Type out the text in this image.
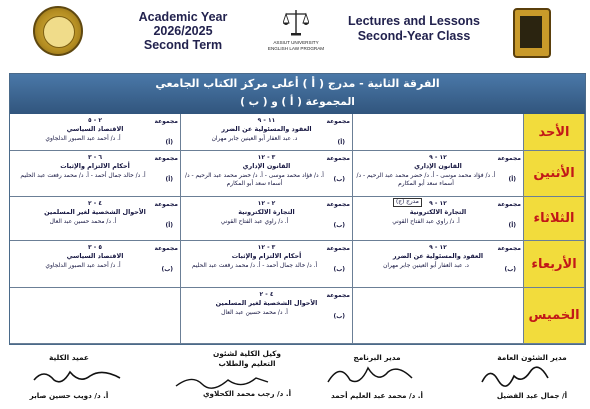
Academic Year
2026/2025
Second Term	ASSIUT UNIVERSITY
ENGLISH LAW PROGRAM
Lectures and Lessons
Second-Year Class
الفرقة الثانية - مدرج ( أ ) أعلى مركز الكتاب الجامعي
المجموعة ( أ ) و ( ب )
الأحد
١١ - ٩
العقود والمسئولية عن الضرر
د. عبد الغفار أبو العينين جابر مهران
مجموعة
(أ)
٢ - ٥
الاقتصاد السياسي
أ. د/ أحمد عبد الصبور الدلجاوي
مجموعة
(أ)
الأثنين
١٢ - ٩
القانون الإداري
أ. د/ فؤاد محمد موسى - أ. د/ خضر محمد عبد الرحيم - د/ أسماء سعد أبو المكارم
مجموعة
(أ)
٣ - ١٢
القانون الإداري
أ. د/ فؤاد محمد موسى - أ. د/ خضر محمد عبد الرحيم - د/ أسماء سعد أبو المكارم
مجموعة
(ب)
٦ - ٣
أحكام الالتزام والإثبات
أ. د/ خالد جمال أحمد - أ. د/ محمد رفعت عبد الحليم
مجموعة
(أ)
الثلاثاء
١٢ - ٩
مدرج (ج)
التجارة الالكترونية
أ. د/ راوي عبد الفتاح القوني
مجموعة
(أ)
٢ - ١٢
التجارة الالكترونية
أ. د/ راوي عبد الفتاح القوني
مجموعة
(ب)
٤ - ٢
الأحوال الشخصية لغير المسلمين
أ. د/ محمد حسين عبد العال
مجموعة
(أ)
الأربعاء
١٢ - ٩
العقود والمسئولية عن الضرر
د. عبد الغفار أبو العينين جابر مهران
مجموعة
(ب)
٣ - ١٢
أحكام الالتزام والإثبات
أ. د/ خالد جمال أحمد - أ. د/ محمد رفعت عبد الحليم
مجموعة
(ب)
٥ - ٣
الاقتصاد السياسي
أ. د/ أحمد عبد الصبور الدلجاوي
مجموعة
(ب)
الخميس
٤ - ٢
الأحوال الشخصية لغير المسلمين
أ. د/ محمد حسين عبد العال
مجموعة
(ب)
مدير الشئون العامة
أ/ جمال عبد الفضيل
مدير البرنامج
أ. د/ محمد عبد العليم أحمد
وكيل الكلية لشئون التعليم والطلاب
أ. د/ رجب محمد الكحلاوي
عميد الكلية
أ. د/ دويب حسين صابر
